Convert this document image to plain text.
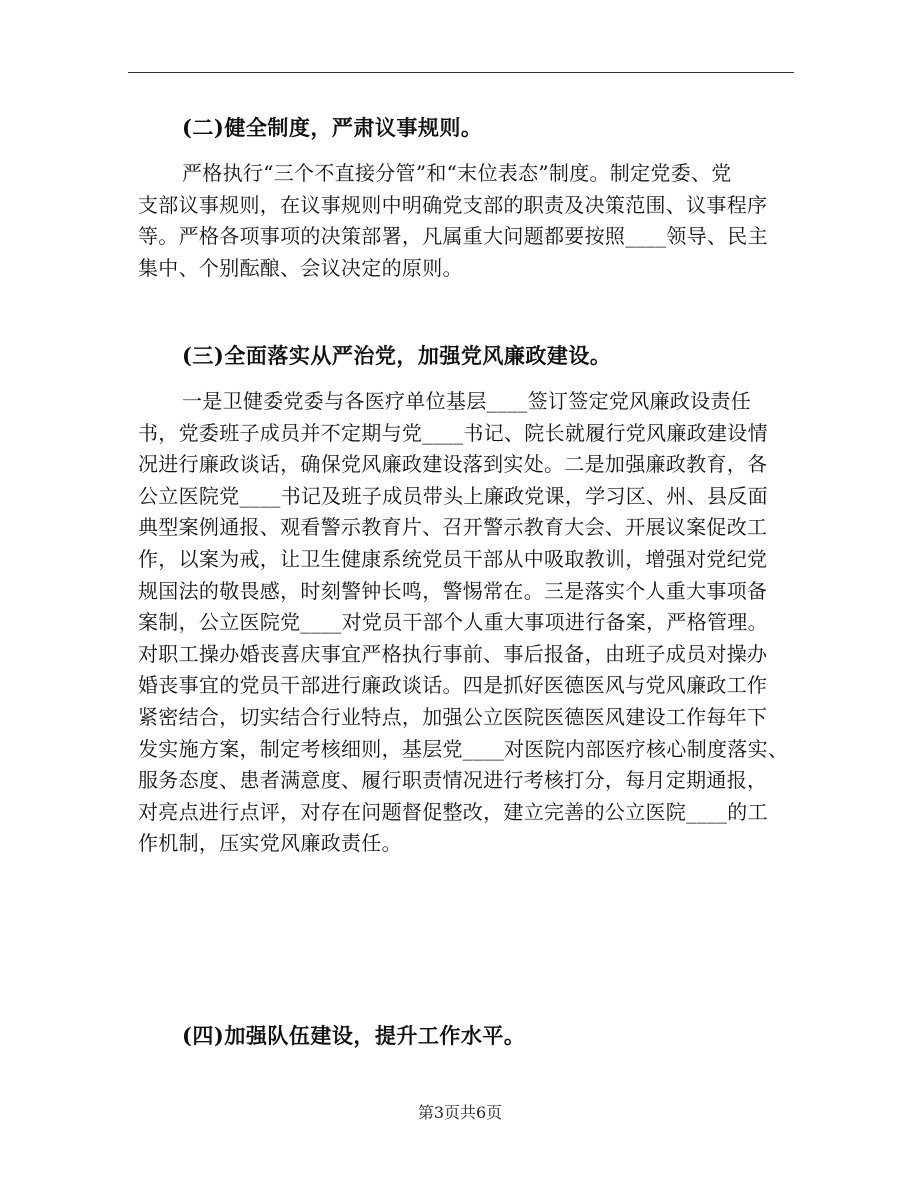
(二)健全制度，严肃议事规则。
严格执行“三个不直接分管”和“末位表态”制度。制定党委、党
支部议事规则，在议事规则中明确党支部的职责及决策范围、议事程序
等。严格各项事项的决策部署，凡属重大问题都要按照____领导、民主
集中、个别酝酿、会议决定的原则。
(三)全面落实从严治党，加强党风廉政建设。
一是卫健委党委与各医疗单位基层____签订签定党风廉政设责任
书，党委班子成员并不定期与党____书记、院长就履行党风廉政建设情
况进行廉政谈话，确保党风廉政建设落到实处。二是加强廉政教育，各
公立医院党____书记及班子成员带头上廉政党课，学习区、州、县反面
典型案例通报、观看警示教育片、召开警示教育大会、开展议案促改工
作，以案为戒，让卫生健康系统党员干部从中吸取教训，增强对党纪党
规国法的敬畏感，时刻警钟长鸣，警惕常在。三是落实个人重大事项备
案制，公立医院党____对党员干部个人重大事项进行备案，严格管理。
对职工操办婚丧喜庆事宜严格执行事前、事后报备，由班子成员对操办
婚丧事宜的党员干部进行廉政谈话。四是抓好医德医风与党风廉政工作
紧密结合，切实结合行业特点，加强公立医院医德医风建设工作每年下
发实施方案，制定考核细则，基层党____对医院内部医疗核心制度落实、
服务态度、患者满意度、履行职责情况进行考核打分，每月定期通报，
对亮点进行点评，对存在问题督促整改，建立完善的公立医院____的工
作机制，压实党风廉政责任。
(四)加强队伍建设，提升工作水平。
第3页共6页
